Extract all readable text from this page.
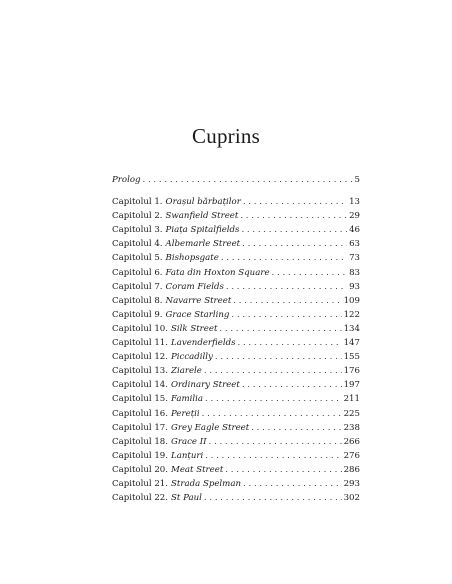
Cuprins
Prolog . . .	5
Capitolul 1. Orașul bărbaților . . .	13
Capitolul 2. Swanfield Street . . .	29
Capitolul 3. Piața Spitalfields . . .	46
Capitolul 4. Albemarle Street . . .	63
Capitolul 5. Bishopsgate . . .	73
Capitolul 6. Fata din Hoxton Square . . .	83
Capitolul 7. Coram Fields . . .	93
Capitolul 8. Navarre Street . . .	109
Capitolul 9. Grace Starling . . .	122
Capitolul 10. Silk Street . . .	134
Capitolul 11. Lavenderfields . . .	147
Capitolul 12. Piccadilly . . .	155
Capitolul 13. Ziarele . . .	176
Capitolul 14. Ordinary Street . . .	197
Capitolul 15. Familia . . .	211
Capitolul 16. Pereții . . .	225
Capitolul 17. Grey Eagle Street . . .	238
Capitolul 18. Grace II . . .	266
Capitolul 19. Lanțuri . . .	276
Capitolul 20. Meat Street . . .	286
Capitolul 21. Strada Spelman . . .	293
Capitolul 22. St Paul . . .	302
